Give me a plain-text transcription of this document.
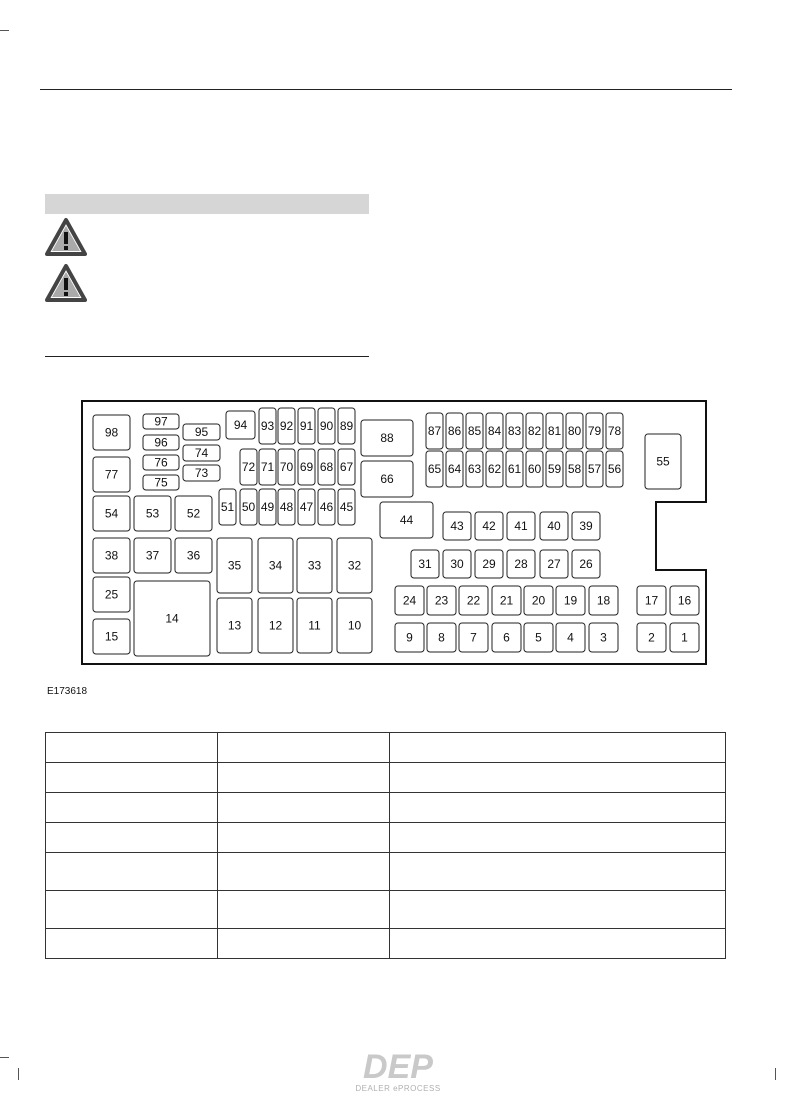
1
2
3
4
5
6
7
8
9
10
11
12
13
14
15
16
17
18
19
20
21
22
23
24
25
26
27
28
29
30
31
32
33
34
35
36
37
38
39
40
41
42
43
44
45
46
47
48
49
50
51
52
53
54
55
56
57
58
59
60
61
62
63
64
65
66
67
68
69
70
71
72
73
74
75
76
77
78
79
80
81
82
83
84
85
86
87
88
89
90
91
92
93
94
95
96
97
98
E173618

DEP
DEALER ePROCESS
